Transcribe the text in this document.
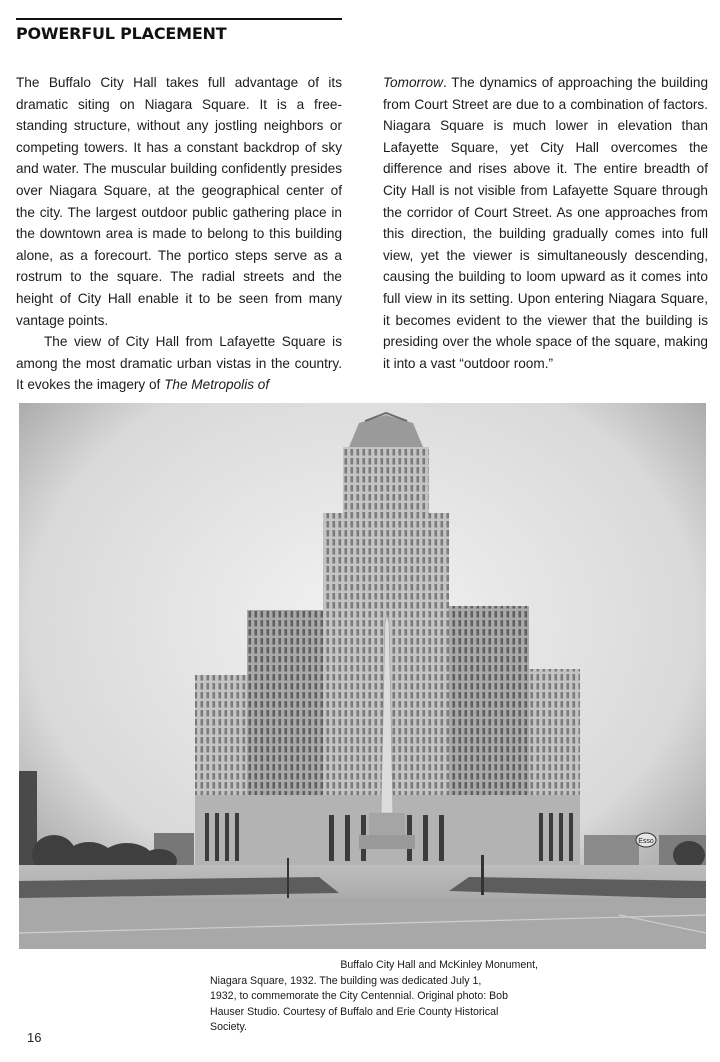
POWERFUL PLACEMENT

The Buffalo City Hall takes full advantage of its dramatic siting on Niagara Square. It is a free-standing structure, without any jostling neighbors or competing towers. It has a constant backdrop of sky and water. The muscular building confidently presides over Niagara Square, at the geographical center of the city. The largest outdoor public gathering place in the downtown area is made to belong to this building alone, as a forecourt. The portico steps serve as a rostrum to the square. The radial streets and the height of City Hall enable it to be seen from many vantage points.

The view of City Hall from Lafayette Square is among the most dramatic urban vistas in the country. It evokes the imagery of The Metropolis of

Tomorrow. The dynamics of approaching the building from Court Street are due to a combination of factors. Niagara Square is much lower in elevation than Lafayette Square, yet City Hall overcomes the difference and rises above it. The entire breadth of City Hall is not visible from Lafayette Square through the corridor of Court Street. As one approaches from this direction, the building gradually comes into full view, yet the viewer is simultaneously descending, causing the building to loom upward as it comes into full view in its setting. Upon entering Niagara Square, it becomes evident to the viewer that the building is presiding over the whole space of the square, making it into a vast “outdoor room.”

Esso
Buffalo City Hall and McKinley Monument,
Niagara Square, 1932. The building was dedicated July 1,
1932, to commemorate the City Centennial. Original photo: Bob
Hauser Studio. Courtesy of Buffalo and Erie County Historical
Society.
16
